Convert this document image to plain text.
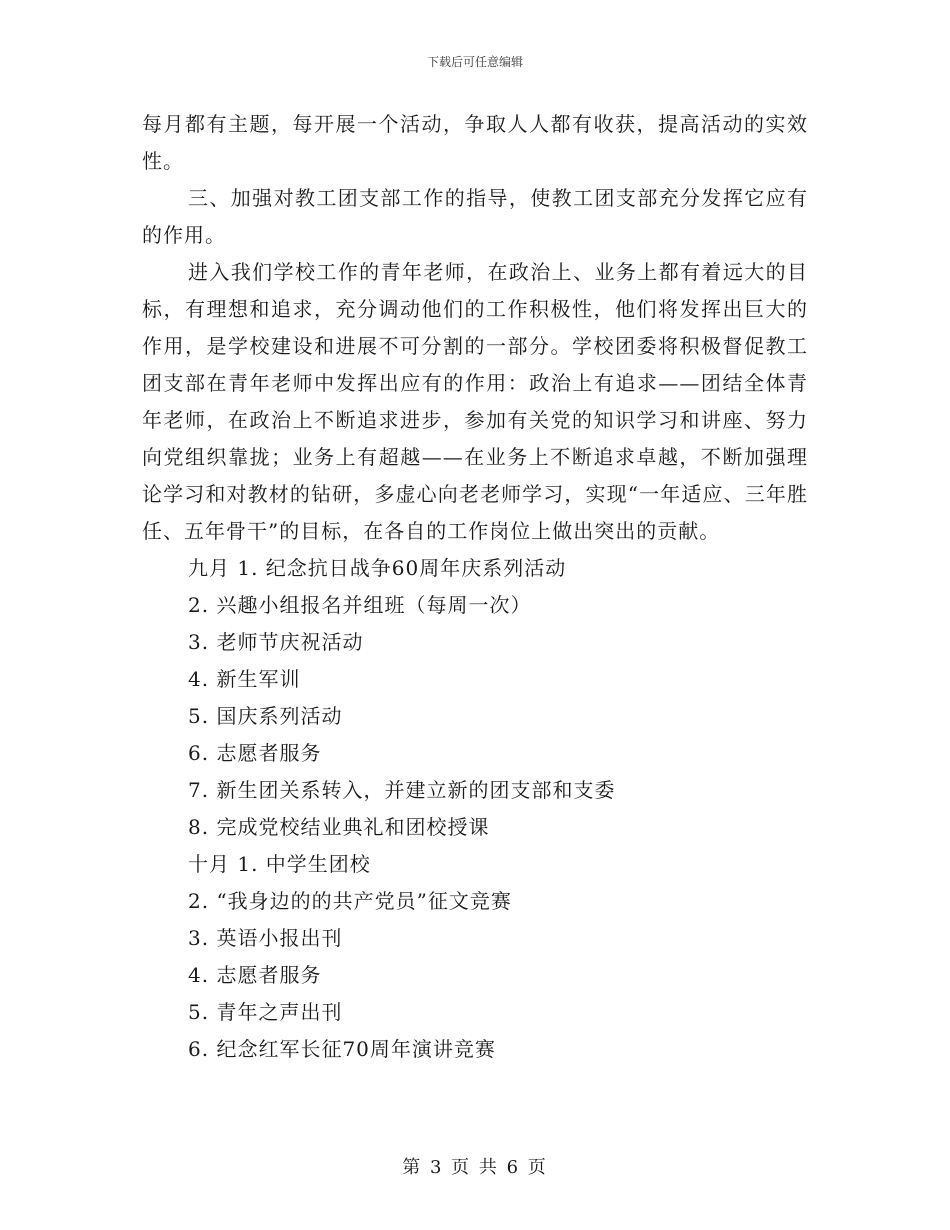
下载后可任意编辑

每月都有主题，每开展一个活动，争取人人都有收获，提高活动的实效性。

三、加强对教工团支部工作的指导，使教工团支部充分发挥它应有的作用。

进入我们学校工作的青年老师，在政治上、业务上都有着远大的目标，有理想和追求，充分调动他们的工作积极性，他们将发挥出巨大的作用，是学校建设和进展不可分割的一部分。学校团委将积极督促教工团支部在青年老师中发挥出应有的作用：政治上有追求——团结全体青年老师，在政治上不断追求进步，参加有关党的知识学习和讲座、努力向党组织靠拢；业务上有超越——在业务上不断追求卓越，不断加强理论学习和对教材的钻研，多虚心向老老师学习，实现“一年适应、三年胜任、五年骨干”的目标，在各自的工作岗位上做出突出的贡献。

九月 1. 纪念抗日战争60周年庆系列活动
2. 兴趣小组报名并组班（每周一次）
3. 老师节庆祝活动
4. 新生军训
5. 国庆系列活动
6. 志愿者服务
7. 新生团关系转入，并建立新的团支部和支委
8. 完成党校结业典礼和团校授课
十月 1. 中学生团校
2. “我身边的的共产党员”征文竞赛
3. 英语小报出刊
4. 志愿者服务
5. 青年之声出刊
6. 纪念红军长征70周年演讲竞赛
第 3 页 共 6 页
